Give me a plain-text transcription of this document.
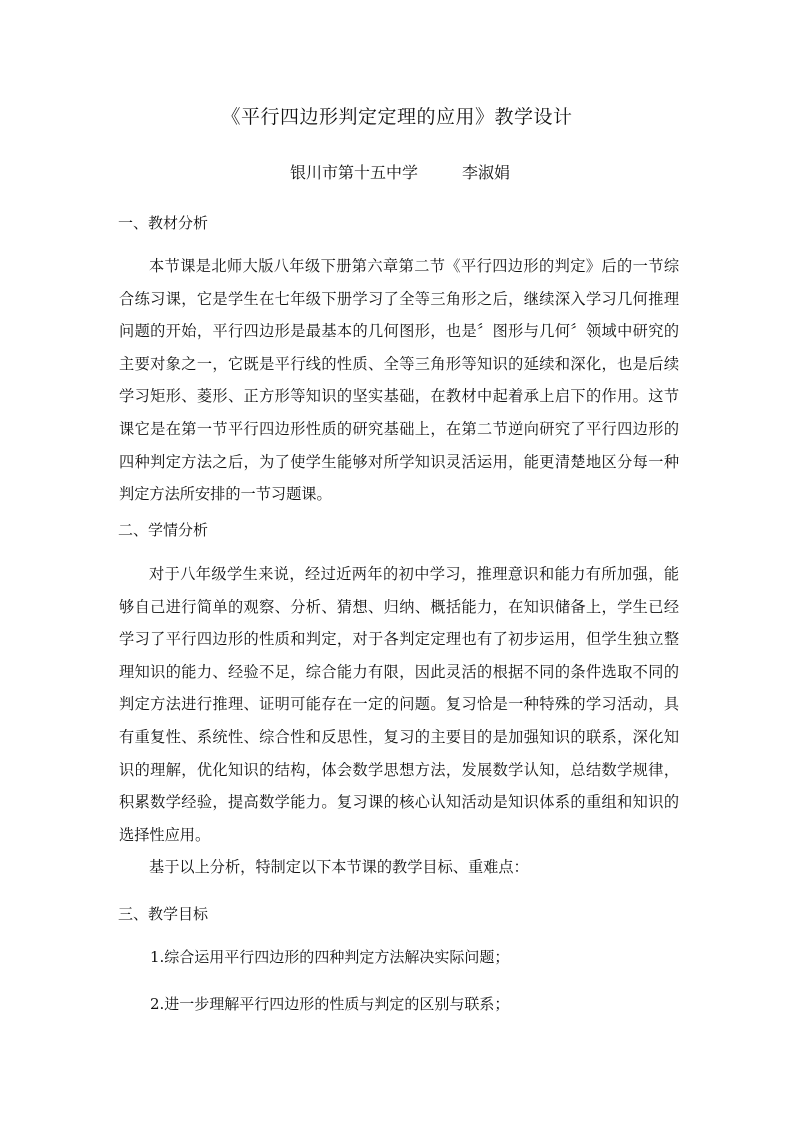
《平行四边形判定定理的应用》教学设计
银川市第十五中学	李淑娟
一、教材分析

本节课是北师大版八年级下册第六章第二节《平行四边形的判定》后的一节综合练习课，它是学生在七年级下册学习了全等三角形之后，继续深入学习几何推理问题的开始，平行四边形是最基本的几何图形，也是〞图形与几何〞领域中研究的主要对象之一，它既是平行线的性质、全等三角形等知识的延续和深化，也是后续学习矩形、菱形、正方形等知识的坚实基础，在教材中起着承上启下的作用。这节课它是在第一节平行四边形性质的研究基础上，在第二节逆向研究了平行四边形的四种判定方法之后，为了使学生能够对所学知识灵活运用，能更清楚地区分每一种判定方法所安排的一节习题课。

二、学情分析

对于八年级学生来说，经过近两年的初中学习，推理意识和能力有所加强，能够自己进行简单的观察、分析、猜想、归纳、概括能力，在知识储备上，学生已经学习了平行四边形的性质和判定，对于各判定定理也有了初步运用，但学生独立整理知识的能力、经验不足，综合能力有限，因此灵活的根据不同的条件选取不同的判定方法进行推理、证明可能存在一定的问题。复习恰是一种特殊的学习活动，具有重复性、系统性、综合性和反思性，复习的主要目的是加强知识的联系，深化知识的理解，优化知识的结构，体会数学思想方法，发展数学认知，总结数学规律，积累数学经验，提高数学能力。复习课的核心认知活动是知识体系的重组和知识的选择性应用。

基于以上分析，特制定以下本节课的教学目标、重难点：

三、教学目标
1.综合运用平行四边形的四种判定方法解决实际问题；
2.进一步理解平行四边形的性质与判定的区别与联系；
